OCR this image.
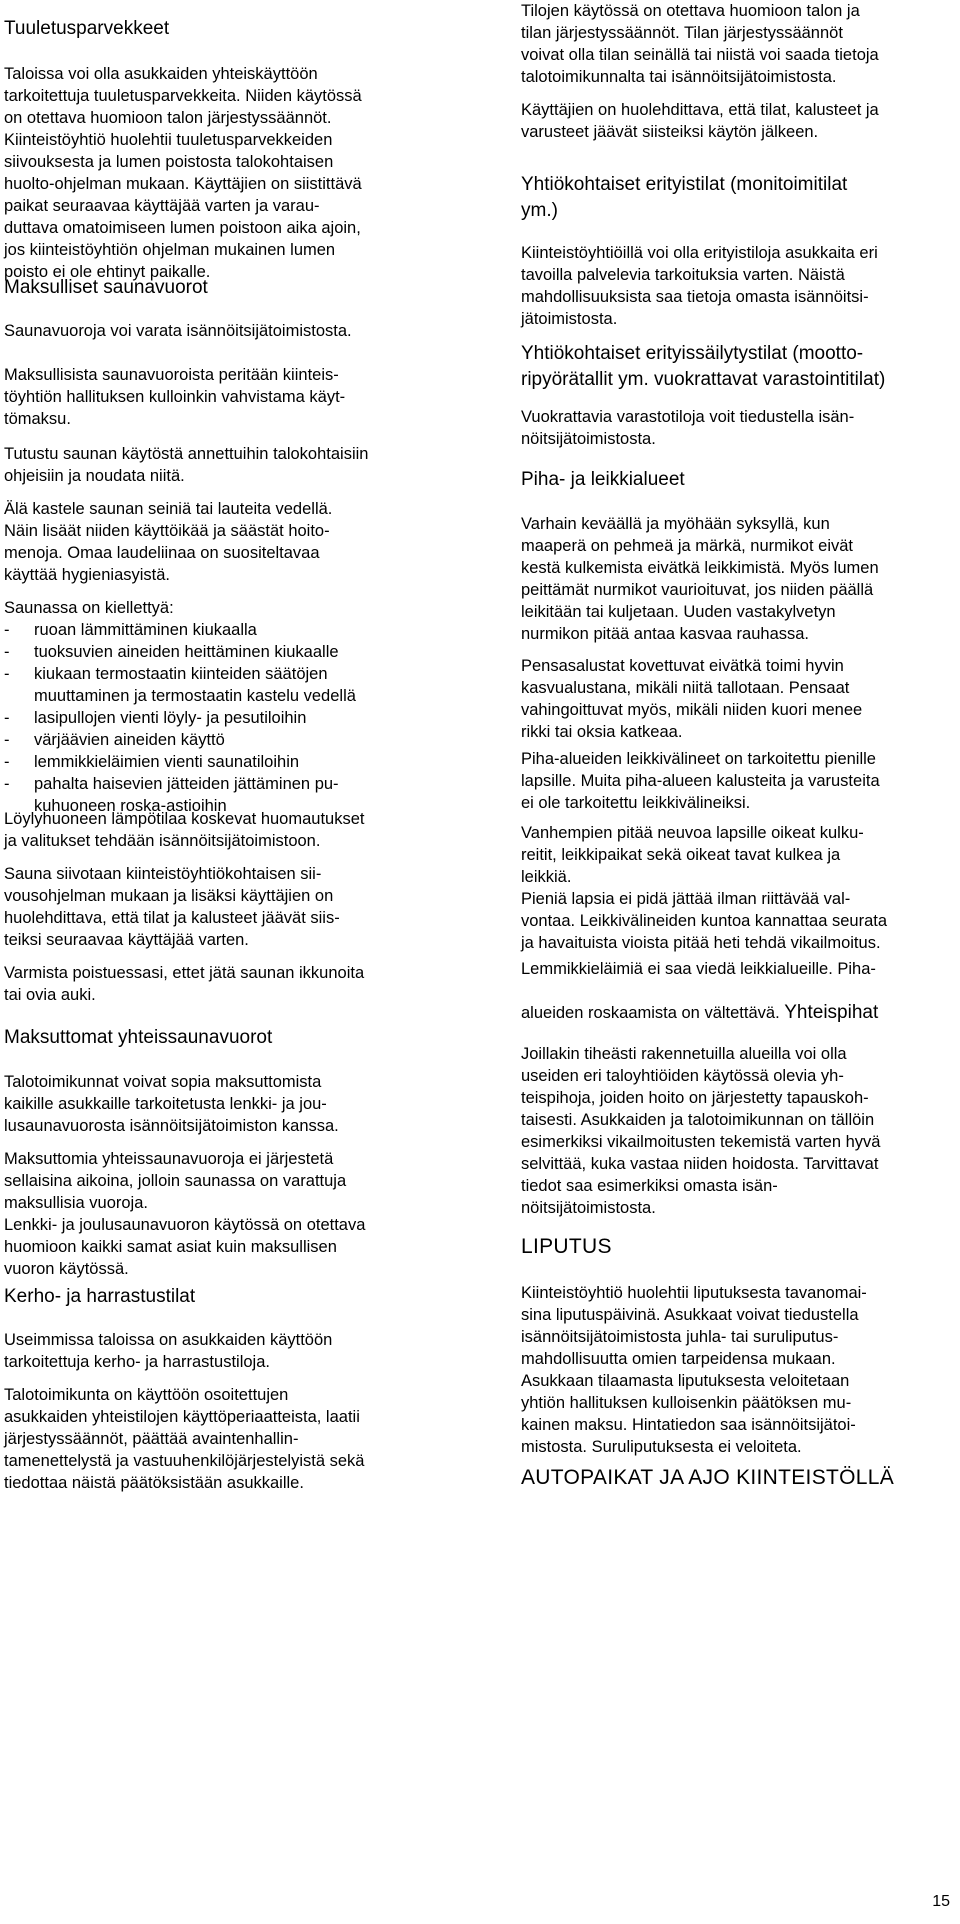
Tuuletusparvekkeet
Taloissa voi olla asukkaiden yhteiskäyttöön
tarkoitettuja tuuletusparvekkeita. Niiden käytössä
on otettava huomioon talon järjestyssäännöt.
Kiinteistöyhtiö huolehtii tuuletusparvekkeiden
siivouksesta ja lumen poistosta talokohtaisen
huolto-ohjelman mukaan. Käyttäjien on siistittävä
paikat seuraavaa käyttäjää varten ja varau-
duttava omatoimiseen lumen poistoon aika ajoin,
jos kiinteistöyhtiön ohjelman mukainen lumen
poisto ei ole ehtinyt paikalle.
Maksulliset saunavuorot
Saunavuoroja voi varata isännöitsijätoimistosta.
Maksullisista saunavuoroista peritään kiinteis-
töyhtiön hallituksen kulloinkin vahvistama käyt-
tömaksu.
Tutustu saunan käytöstä annettuihin talokohtaisiin
ohjeisiin ja noudata niitä.
Älä kastele saunan seiniä tai lauteita vedellä.
Näin lisäät niiden käyttöikää ja säästät hoito-
menoja. Omaa laudeliinaa on suositeltavaa
käyttää hygieniasyistä.
Saunassa on kiellettyä:
- ruoan lämmittäminen kiukaalla
- tuoksuvien aineiden heittäminen kiukaalle
- kiukaan termostaatin kiinteiden säätöjen
muuttaminen ja termostaatin kastelu vedellä
- lasipullojen vienti löyly- ja pesutiloihin
- värjäävien aineiden käyttö
- lemmikkieläimien vienti saunatiloihin
- pahalta haisevien jätteiden jättäminen pu-
kuhuoneen roska-astioihin
Löylyhuoneen lämpötilaa koskevat huomautukset
ja valitukset tehdään isännöitsijätoimistoon.
Sauna siivotaan kiinteistöyhtiökohtaisen sii-
vousohjelman mukaan ja lisäksi käyttäjien on
huolehdittava, että tilat ja kalusteet jäävät siis-
teiksi seuraavaa käyttäjää varten.
Varmista poistuessasi, ettet jätä saunan ikkunoita
tai ovia auki.
Maksuttomat yhteissaunavuorot
Talotoimikunnat voivat sopia maksuttomista
kaikille asukkaille tarkoitetusta lenkki- ja jou-
lusaunavuorosta isännöitsijätoimiston kanssa.
Maksuttomia yhteissaunavuoroja ei järjestetä
sellaisina aikoina, jolloin saunassa on varattuja
maksullisia vuoroja.
Lenkki- ja joulusaunavuoron käytössä on otettava
huomioon kaikki samat asiat kuin maksullisen
vuoron käytössä.
Kerho- ja harrastustilat
Useimmissa taloissa on asukkaiden käyttöön
tarkoitettuja kerho- ja harrastustiloja.
Talotoimikunta on käyttöön osoitettujen
asukkaiden yhteistilojen käyttöperiaatteista, laatii
järjestyssäännöt, päättää avaintenhallin-
tamenettelystä ja vastuuhenkilöjärjestelyistä sekä
tiedottaa näistä päätöksistään asukkaille.
Tilojen käytössä on otettava huomioon talon ja
tilan järjestyssäännöt. Tilan järjestyssäännöt
voivat olla tilan seinällä tai niistä voi saada tietoja
talotoimikunnalta tai isännöitsijätoimistosta.
Käyttäjien on huolehdittava, että tilat, kalusteet ja
varusteet jäävät siisteiksi käytön jälkeen.
Yhtiökohtaiset erityistilat (monitoimitilat
ym.)
Kiinteistöyhtiöillä voi olla erityistiloja asukkaita eri
tavoilla palvelevia tarkoituksia varten. Näistä
mahdollisuuksista saa tietoja omasta isännöitsi-
jätoimistosta.
Yhtiökohtaiset erityissäilytystilat (mootto-
ripyörätallit ym. vuokrattavat varastointitilat)
Vuokrattavia varastotiloja voit tiedustella isän-
nöitsijätoimistosta.
Piha- ja leikkialueet
Varhain keväällä ja myöhään syksyllä, kun
maaperä on pehmeä ja märkä, nurmikot eivät
kestä kulkemista eivätkä leikkimistä. Myös lumen
peittämät nurmikot vaurioituvat, jos niiden päällä
leikitään tai kuljetaan. Uuden vastakylvetyn
nurmikon pitää antaa kasvaa rauhassa.
Pensasalustat kovettuvat eivätkä toimi hyvin
kasvualustana, mikäli niitä tallotaan. Pensaat
vahingoittuvat myös, mikäli niiden kuori menee
rikki tai oksia katkeaa.
Piha-alueiden leikkivälineet on tarkoitettu pienille
lapsille. Muita piha-alueen kalusteita ja varusteita
ei ole tarkoitettu leikkivälineiksi.
Vanhempien pitää neuvoa lapsille oikeat kulku-
reitit, leikkipaikat sekä oikeat tavat kulkea ja
leikkiä.
Pieniä lapsia ei pidä jättää ilman riittävää val-
vontaa. Leikkivälineiden kuntoa kannattaa seurata
ja havaituista vioista pitää heti tehdä vikailmoitus.
Lemmikkieläimiä ei saa viedä leikkialueille. Piha-
alueiden roskaamista on vältettävä. Yhteispihat
Joillakin tiheästi rakennetuilla alueilla voi olla
useiden eri taloyhtiöiden käytössä olevia yh-
teispihoja, joiden hoito on järjestetty tapauskoh-
taisesti. Asukkaiden ja talotoimikunnan on tällöin
esimerkiksi vikailmoitusten tekemistä varten hyvä
selvittää, kuka vastaa niiden hoidosta. Tarvittavat
tiedot saa esimerkiksi omasta isän-
nöitsijätoimistosta.
LIPUTUS
Kiinteistöyhtiö huolehtii liputuksesta tavanomai-
sina liputuspäivinä. Asukkaat voivat tiedustella
isännöitsijätoimistosta juhla- tai suruliputus-
mahdollisuutta omien tarpeidensa mukaan.
Asukkaan tilaamasta liputuksesta veloitetaan
yhtiön hallituksen kulloisenkin päätöksen mu-
kainen maksu. Hintatiedon saa isännöitsijätoi-
mistosta. Suruliputuksesta ei veloiteta.
AUTOPAIKAT JA AJO KIINTEISTÖLLÄ
15
